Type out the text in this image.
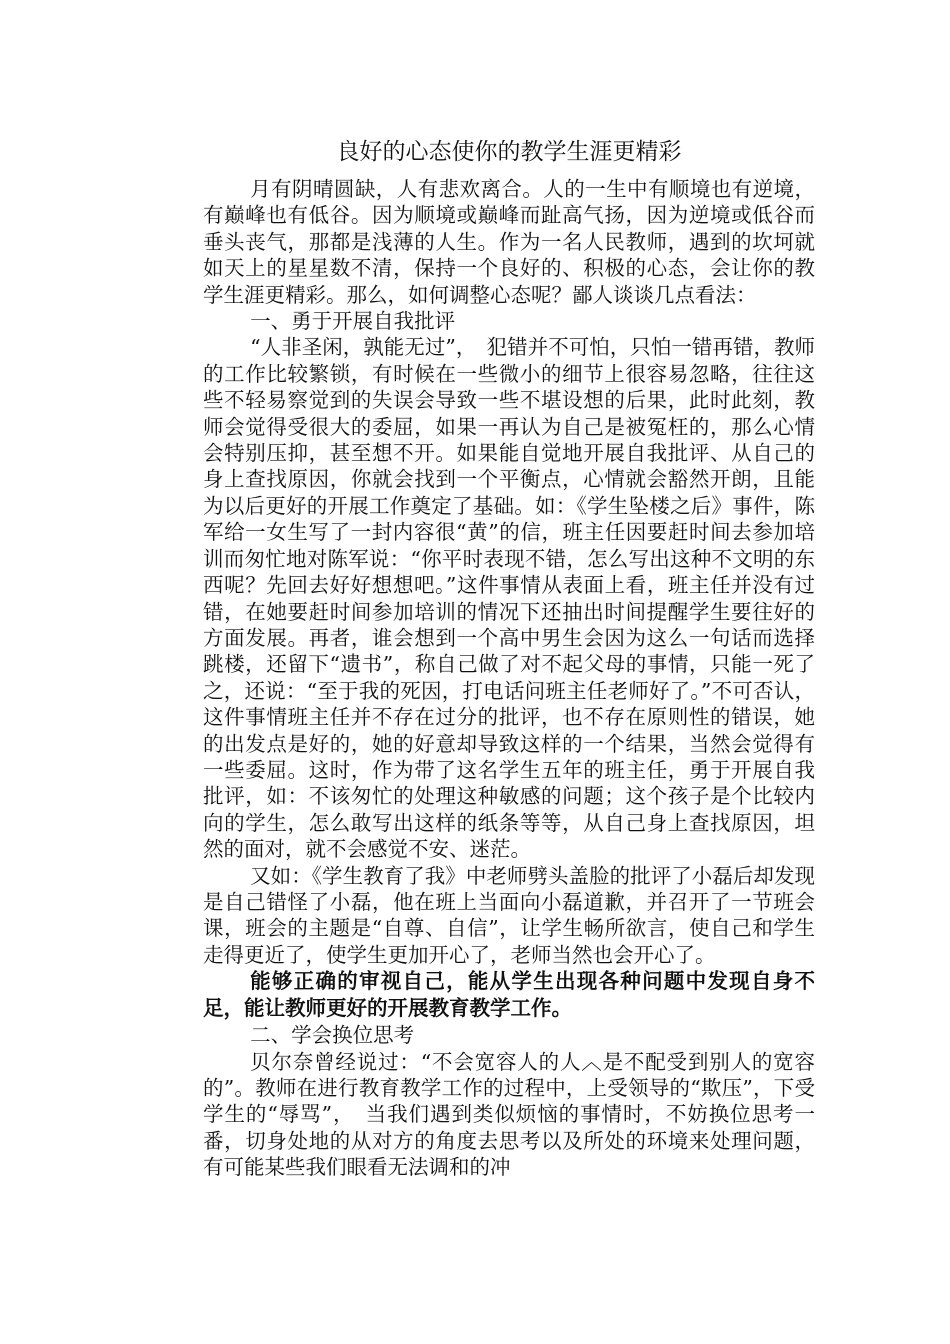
良好的心态使你的教学生涯更精彩

月有阴晴圆缺，人有悲欢离合。人的一生中有顺境也有逆境，有巅峰也有低谷。因为顺境或巅峰而趾高气扬，因为逆境或低谷而垂头丧气，那都是浅薄的人生。作为一名人民教师，遇到的坎坷就如天上的星星数不清，保持一个良好的、积极的心态，会让你的教学生涯更精彩。那么，如何调整心态呢？鄙人谈谈几点看法：

一、勇于开展自我批评

“人非圣闲，孰能无过”，　犯错并不可怕，只怕一错再错，教师的工作比较繁锁，有时候在一些微小的细节上很容易忽略，往往这些不轻易察觉到的失误会导致一些不堪设想的后果，此时此刻，教师会觉得受很大的委屈，如果一再认为自己是被冤枉的，那么心情会特别压抑，甚至想不开。如果能自觉地开展自我批评、从自己的身上查找原因，你就会找到一个平衡点，心情就会豁然开朗，且能为以后更好的开展工作奠定了基础。如：《学生坠楼之后》事件，陈军给一女生写了一封内容很“黄”的信，班主任因要赶时间去参加培训而匆忙地对陈军说：“你平时表现不错，怎么写出这种不文明的东西呢？先回去好好想想吧。”这件事情从表面上看，班主任并没有过错，在她要赶时间参加培训的情况下还抽出时间提醒学生要往好的方面发展。再者，谁会想到一个高中男生会因为这么一句话而选择跳楼，还留下“遗书”，称自己做了对不起父母的事情，只能一死了之，还说：“至于我的死因，打电话问班主任老师好了。”不可否认，这件事情班主任并不存在过分的批评，也不存在原则性的错误，她的出发点是好的，她的好意却导致这样的一个结果，当然会觉得有一些委屈。这时，作为带了这名学生五年的班主任，勇于开展自我批评，如：不该匆忙的处理这种敏感的问题；这个孩子是个比较内向的学生，怎么敢写出这样的纸条等等，从自己身上查找原因，坦然的面对，就不会感觉不安、迷茫。

又如：《学生教育了我》中老师劈头盖脸的批评了小磊后却发现是自己错怪了小磊，他在班上当面向小磊道歉，并召开了一节班会课，班会的主题是“自尊、自信”，让学生畅所欲言，使自己和学生走得更近了，使学生更加开心了，老师当然也会开心了。

能够正确的审视自己，能从学生出现各种问题中发现自身不足，能让教师更好的开展教育教学工作。

二、学会换位思考

贝尔奈曾经说过：“不会宽容人的人︿是不配受到别人的宽容的”。教师在进行教育教学工作的过程中，上受领导的“欺压”，下受学生的“辱骂”，　当我们遇到类似烦恼的事情时，不妨换位思考一番，切身处地的从对方的角度去思考以及所处的环境来处理问题，有可能某些我们眼看无法调和的冲
